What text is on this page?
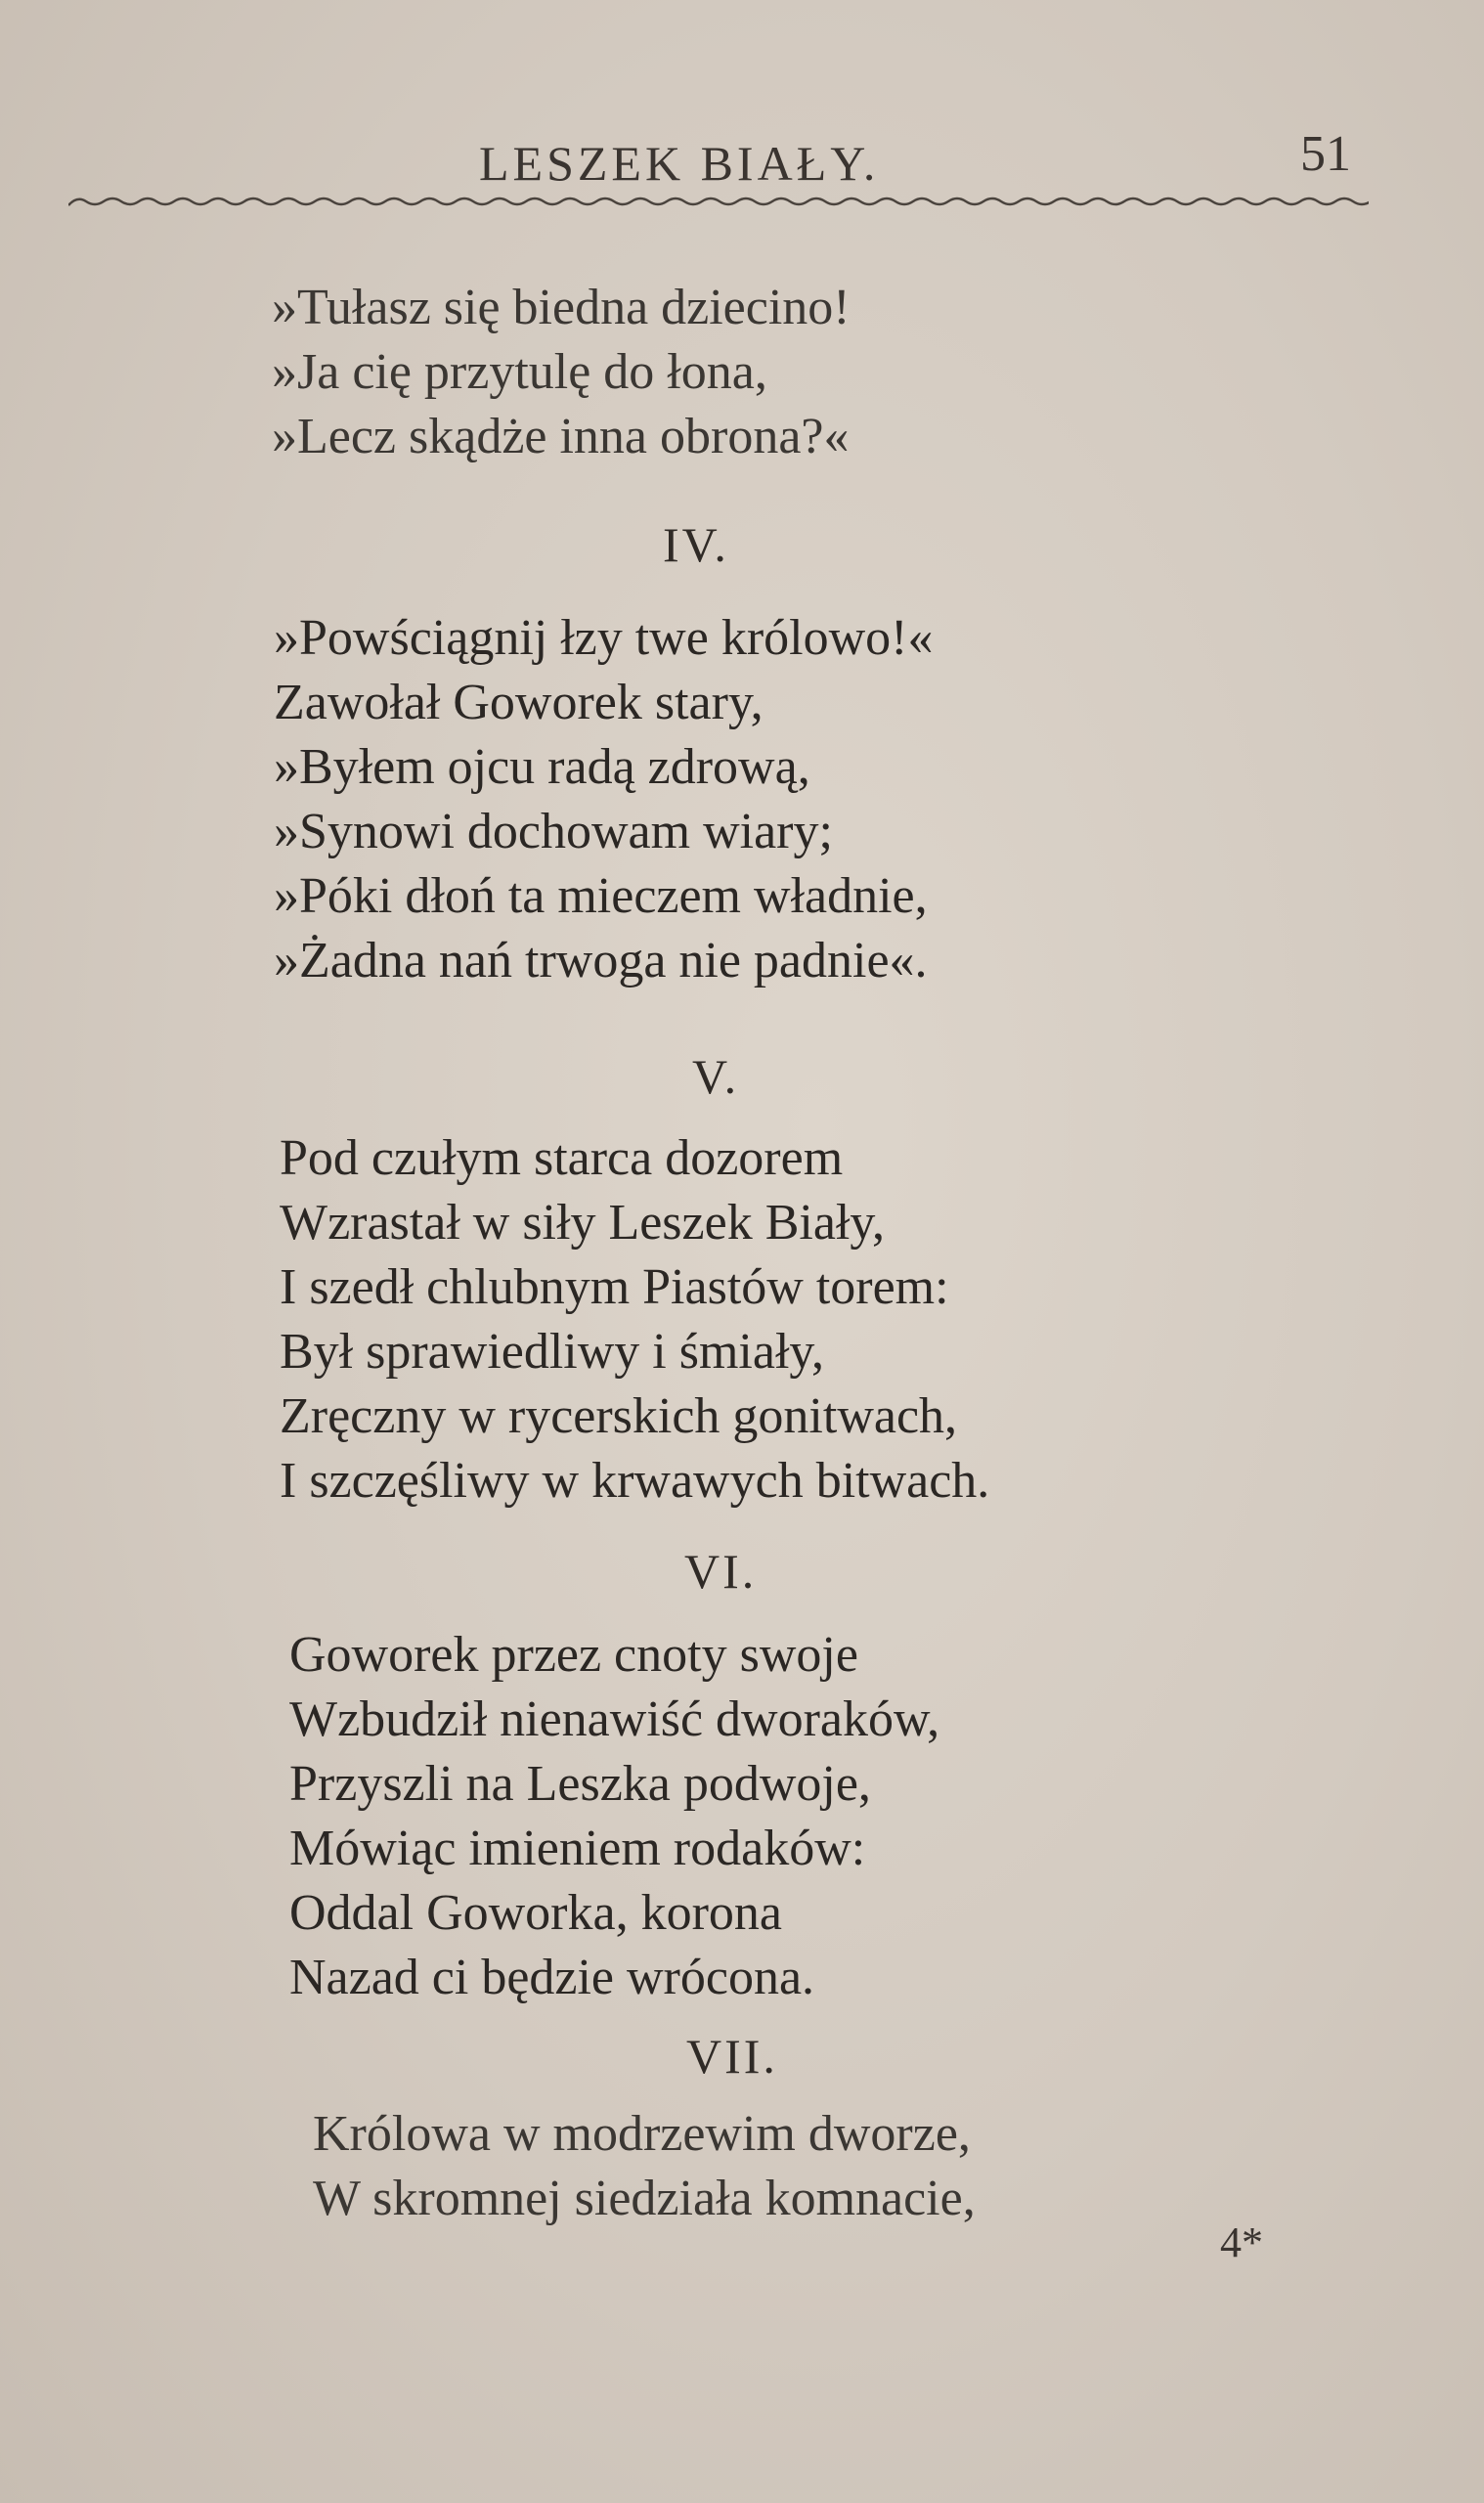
LESZEK BIAŁY.	51
»Tułasz się biedna dziecino!
»Ja cię przytulę do łona,
»Lecz skądże inna obrona?«
IV.
»Powściągnij łzy twe królowo!«
Zawołał Goworek stary,
»Byłem ojcu radą zdrową,
»Synowi dochowam wiary;
»Póki dłoń ta mieczem władnie,
»Żadna nań trwoga nie padnie«.
V.
Pod czułym starca dozorem
Wzrastał w siły Leszek Biały,
I szedł chlubnym Piastów torem:
Był sprawiedliwy i śmiały,
Zręczny w rycerskich gonitwach,
I szczęśliwy w krwawych bitwach.
VI.
Goworek przez cnoty swoje
Wzbudził nienawiść dworaków,
Przyszli na Leszka podwoje,
Mówiąc imieniem rodaków:
Oddal Goworka, korona
Nazad ci będzie wrócona.
VII.
Królowa w modrzewim dworze,
W skromnej siedziała komnacie,
4*
